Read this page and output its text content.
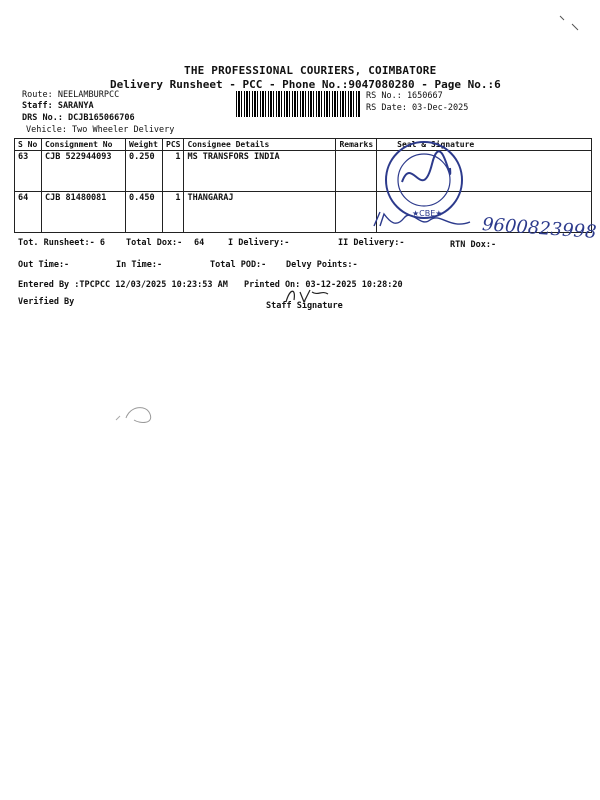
THE PROFESSIONAL COURIERS, COIMBATORE
Delivery Runsheet - PCC - Phone No.:9047080280 - Page No.:6
Route: NEELAMBURPCC
Staff: SARANYA
DRS No.: DCJB165066706
Vehicle: Two Wheeler Delivery
RS No.: 1650667
RS Date: 03-Dec-2025
S No	Consignment No	Weight	PCS	Consignee Details	Remarks	Seal & Signature
63	CJB 522944093	0.250	1	MS TRANSFORS INDIA		
64	CJB 81480081	0.450	1	THANGARAJ		
★CBE★
9600823998
Tot. Runsheet:- 6 Total Dox:- 64	I Delivery:-	II Delivery:-	RTN Dox:-
Out Time:-	In Time:-	Total POD:- Delvy Points:-
Entered By :TPCPCC 12/03/2025 10:23:53 AM Printed On: 03-12-2025 10:28:20
Verified By	Staff Signature
